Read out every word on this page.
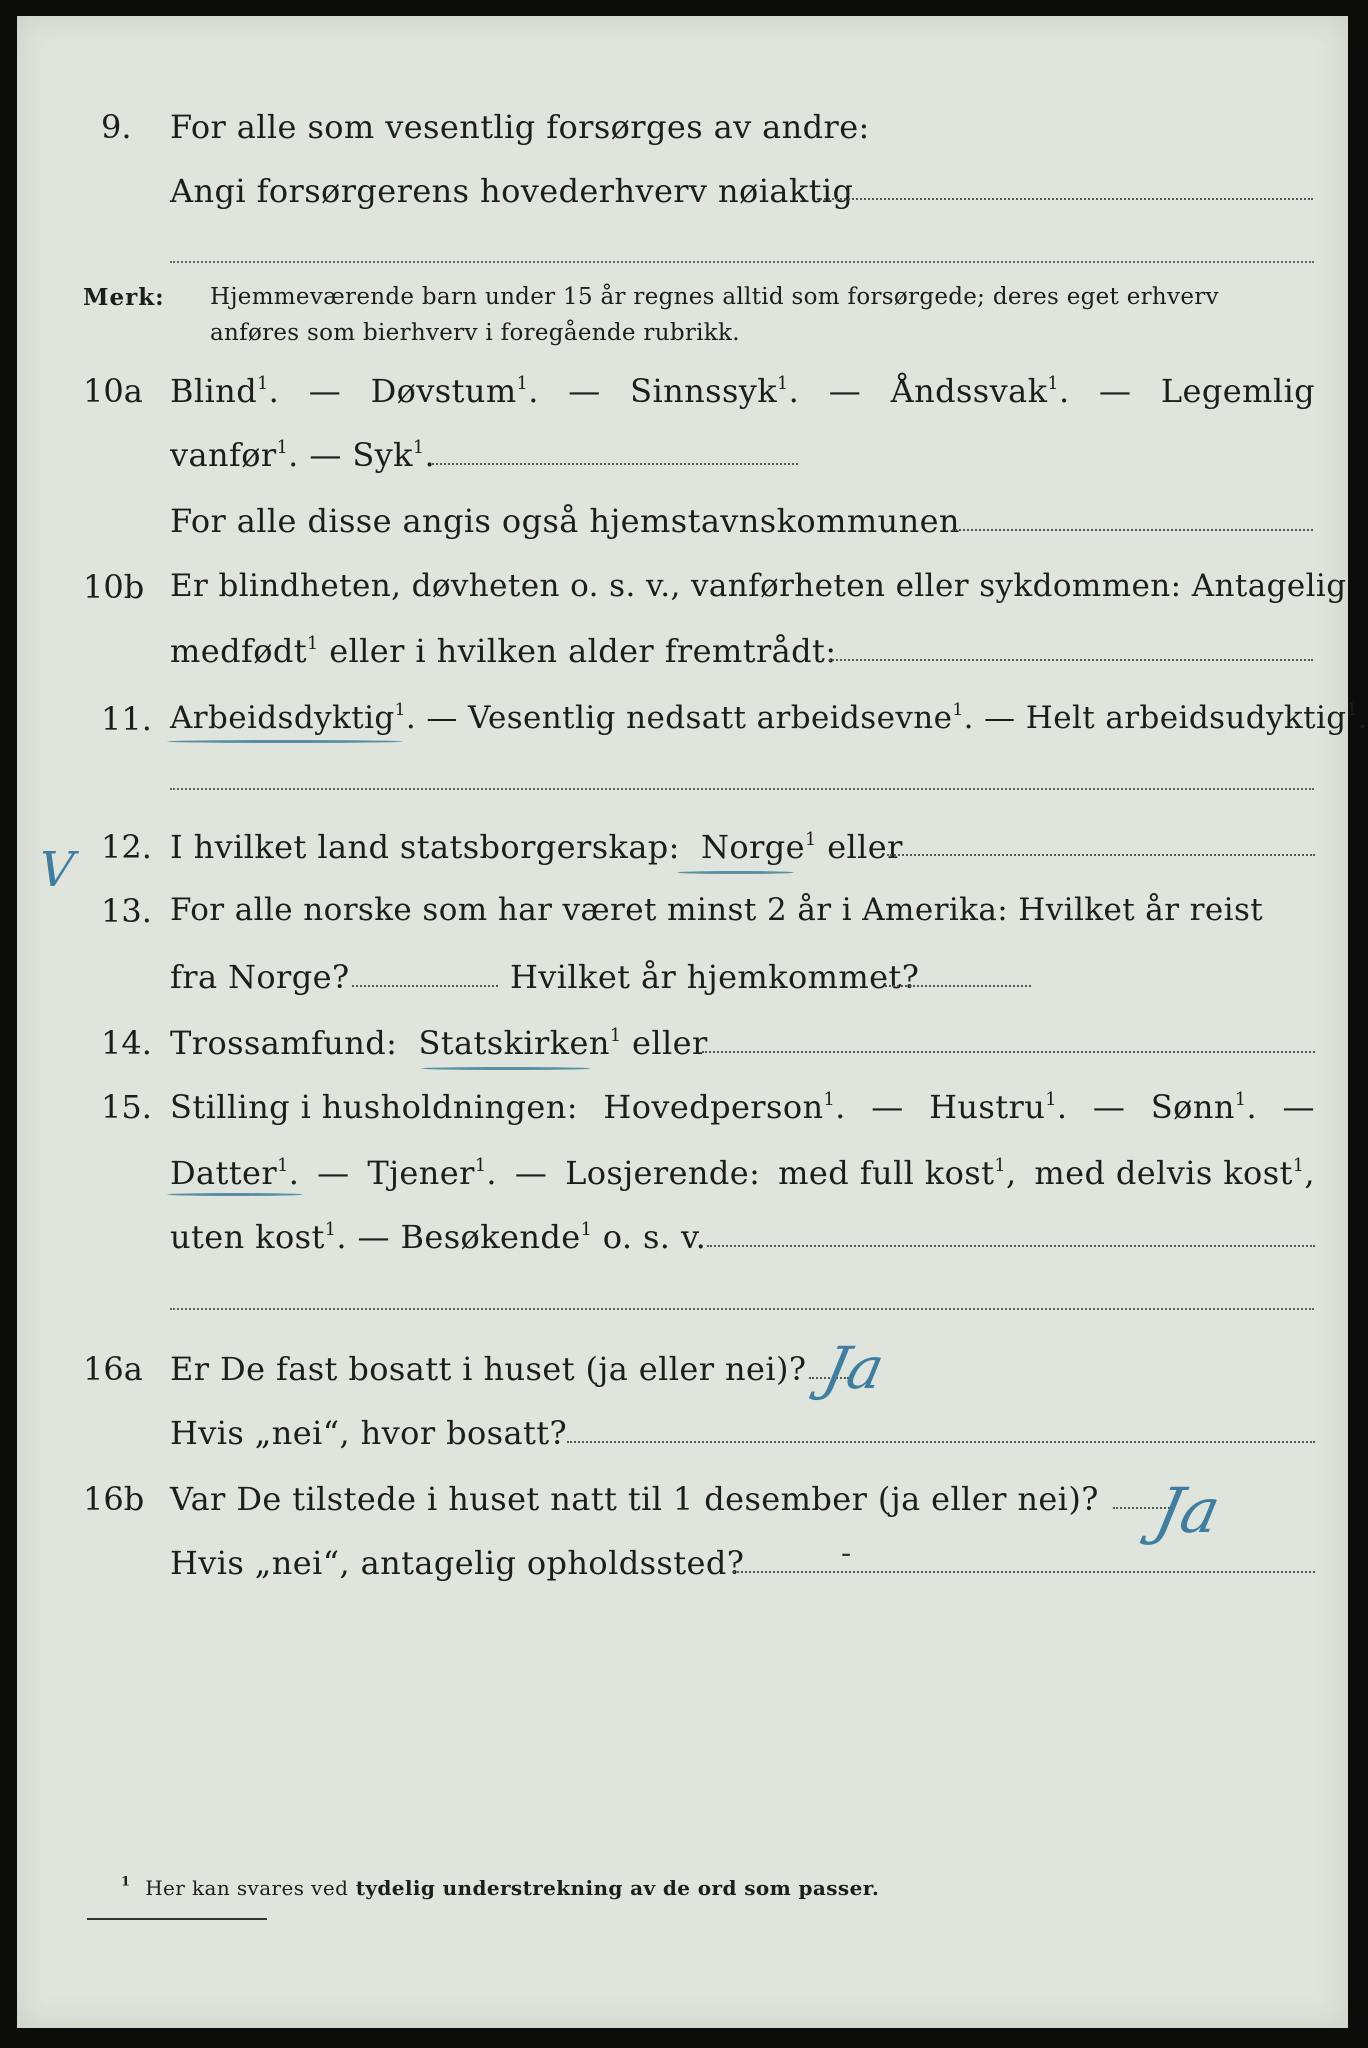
9. For alle som vesentlig forsørges av andre:
Angi forsørgerens hovederhverv nøiaktig
Merk: Hjemmeværende barn under 15 år regnes alltid som forsørgede; deres eget erhverv
anføres som bierhverv i foregående rubrikk.
10a Blind$^1$. — Døvstum$^1$. — Sinnssyk$^1$. — Åndssvak$^1$. — Legemlig
vanfør$^1$. — Syk$^1$.
For alle disse angis også hjemstavnskommunen
10b Er blindheten, døvheten o. s. v., vanførheten eller sykdommen: Antagelig
medfødt$^1$ eller i hvilken alder fremtrådt:
11. Arbeidsdyktig$^1$. — Vesentlig nedsatt arbeidsevne$^1$. — Helt arbeidsudyktig$^1$.
V 12. I hvilket land statsborgerskap: Norge$^1$ eller
13. For alle norske som har været minst 2 år i Amerika: Hvilket år reist
fra Norge?	Hvilket år hjemkommet?
14. Trossamfund: Statskirken$^1$ eller
15. Stilling i husholdningen: Hovedperson$^1$. — Hustru$^1$. — Sønn$^1$. —
Datter$^1$. — Tjener$^1$. — Losjerende: med full kost$^1$, med delvis kost$^1$,
uten kost$^1$. — Besøkende$^1$ o. s. v.
16a Er De fast bosatt i huset (ja eller nei)? Ja
Hvis „nei“, hvor bosatt?
16b Var De tilstede i huset natt til 1 desember (ja eller nei)? Ja
Hvis „nei“, antagelig opholdssted?	-
$^1$ Her kan svares ved tydelig understrekning av de ord som passer.
